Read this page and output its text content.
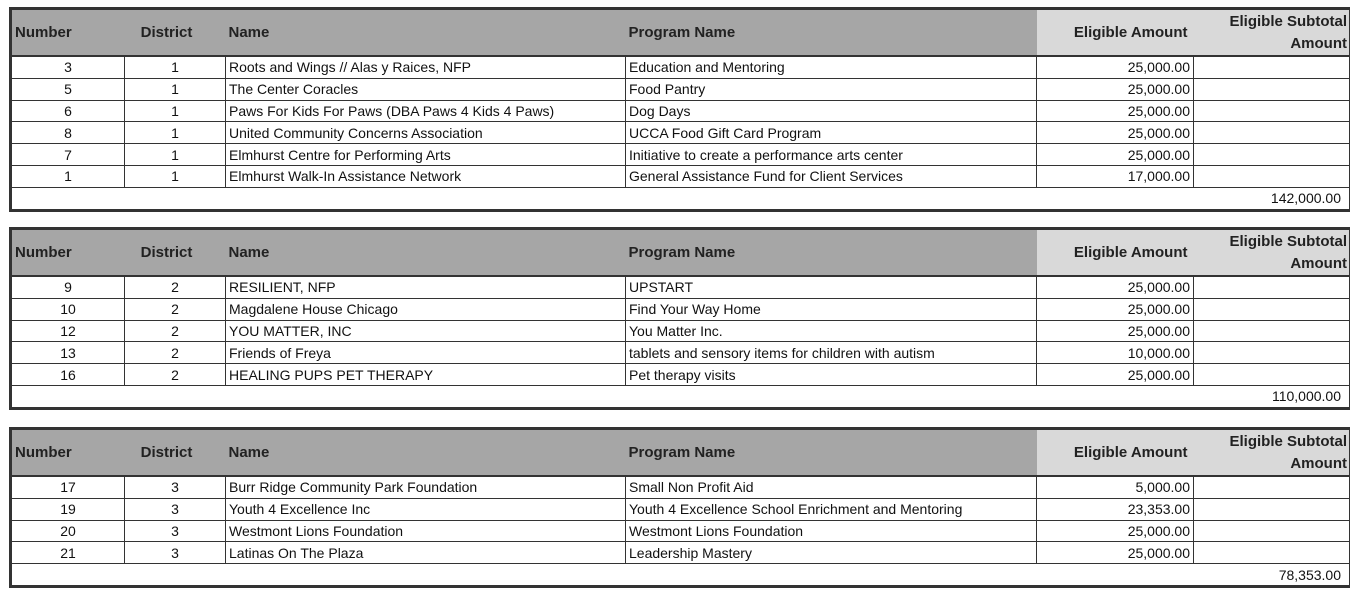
Number	District	Name	Program Name	Eligible Amount	Eligible Subtotal Amount
3	1	Roots and Wings // Alas y Raices, NFP	Education and Mentoring	25,000.00	
5	1	The Center Coracles	Food Pantry	25,000.00	
6	1	Paws For Kids For Paws (DBA Paws 4 Kids 4 Paws)	Dog Days	25,000.00	
8	1	United Community Concerns Association	UCCA Food Gift Card Program	25,000.00	
7	1	Elmhurst Centre for Performing Arts	Initiative to create a performance arts center	25,000.00	
1	1	Elmhurst Walk-In Assistance Network	General Assistance Fund for Client Services	17,000.00	
142,000.00					
Number	District	Name	Program Name	Eligible Amount	Eligible Subtotal Amount
9	2	RESILIENT, NFP	UPSTART	25,000.00	
10	2	Magdalene House Chicago	Find Your Way Home	25,000.00	
12	2	YOU MATTER, INC	You Matter Inc.	25,000.00	
13	2	Friends of Freya	tablets and sensory items for children with autism	10,000.00	
16	2	HEALING PUPS PET THERAPY	Pet therapy visits	25,000.00	
110,000.00					
Number	District	Name	Program Name	Eligible Amount	Eligible Subtotal Amount
17	3	Burr Ridge Community Park Foundation	Small Non Profit Aid	5,000.00	
19	3	Youth 4 Excellence Inc	Youth 4 Excellence School Enrichment and Mentoring	23,353.00	
20	3	Westmont Lions Foundation	Westmont Lions Foundation	25,000.00	
21	3	Latinas On The Plaza	Leadership Mastery	25,000.00	
78,353.00					
